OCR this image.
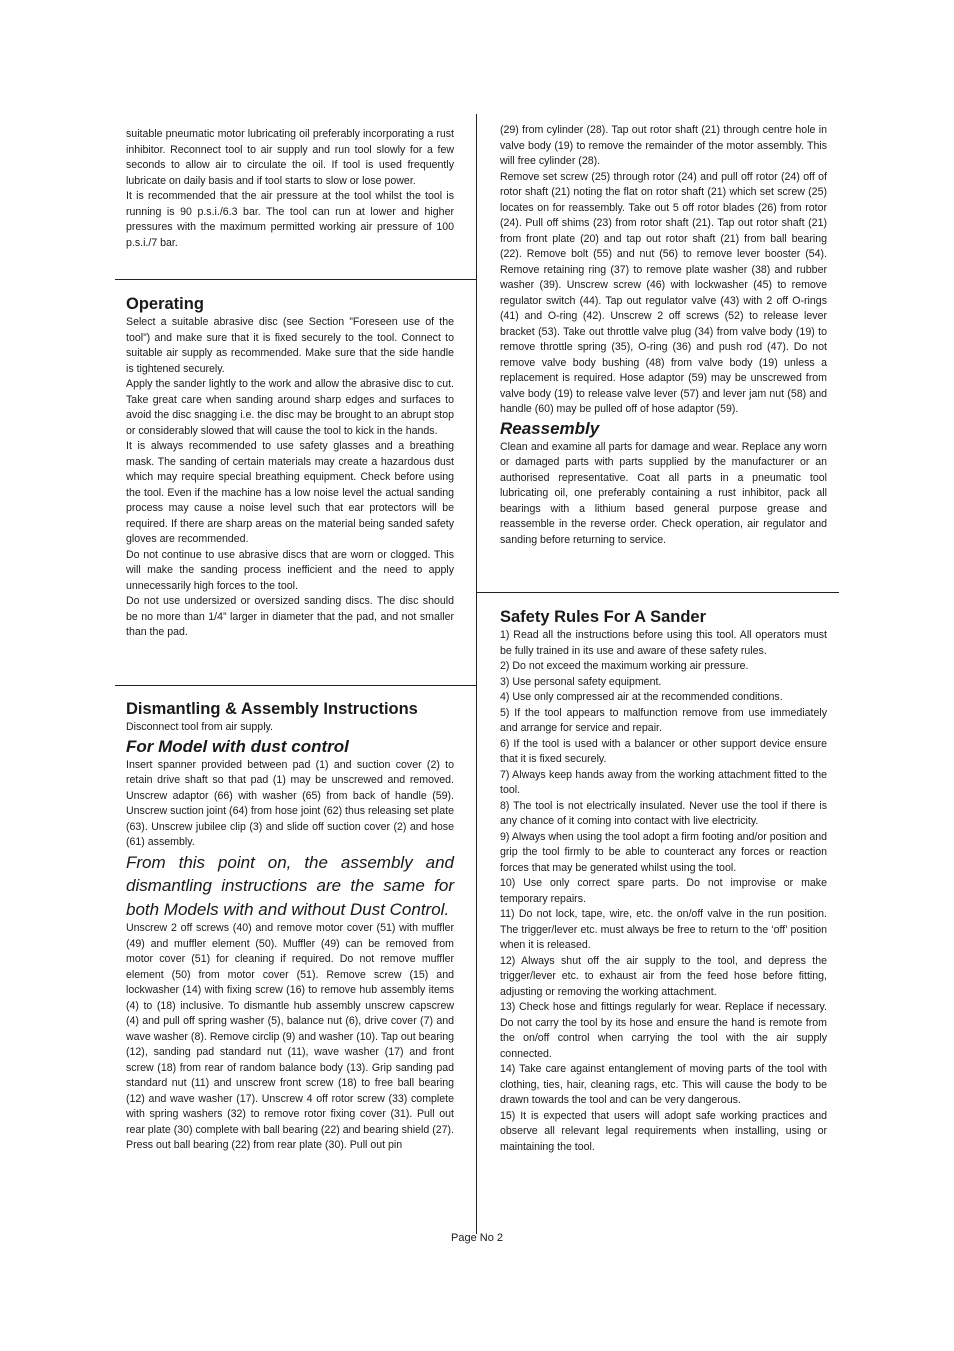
suitable pneumatic motor lubricating oil preferably incorporating a rust inhibitor. Reconnect tool to air supply and run tool slowly for a few seconds to allow air to circulate the oil. If tool is used frequently lubricate on daily basis and if tool starts to slow or lose power.

It is recommended that the air pressure at the tool whilst the tool is running is 90 p.s.i./6.3 bar. The tool can run at lower and higher pressures with the maximum permitted working air pressure of 100 p.s.i./7 bar.

Operating

Select a suitable abrasive disc (see Section ”Foreseen use of the tool”) and make sure that it is fixed securely to the tool. Connect to suitable air supply as recommended. Make sure that the side handle is tightened securely.

Apply the sander lightly to the work and allow the abrasive disc to cut. Take great care when sanding around sharp edges and surfaces to avoid the disc snagging i.e. the disc may be brought to an abrupt stop or considerably slowed that will cause the tool to kick in the hands.

It is always recommended to use safety glasses and a breathing mask. The sanding of certain materials may create a hazardous dust which may require special breathing equipment. Check before using the tool. Even if the machine has a low noise level the actual sanding process may cause a noise level such that ear protectors will be required. If there are sharp areas on the material being sanded safety gloves are recommended.

Do not continue to use abrasive discs that are worn or clogged. This will make the sanding process inefficient and the need to apply unnecessarily high forces to the tool.

Do not use undersized or oversized sanding discs. The disc should be no more than 1/4” larger in diameter that the pad, and not smaller than the pad.

Dismantling & Assembly Instructions

Disconnect tool from air supply.

For Model with dust control

Insert spanner provided between pad (1) and suction cover (2) to retain drive shaft so that pad (1) may be unscrewed and removed. Unscrew adaptor (66) with washer (65) from back of handle (59). Unscrew suction joint (64) from hose joint (62) thus releasing set plate (63). Unscrew jubilee clip (3) and slide off suction cover (2) and hose (61) assembly.

From this point on, the assembly and dismantling instructions are the same for both Models with and without Dust Control.

Unscrew 2 off screws (40) and remove motor cover (51) with muffler (49) and muffler element (50). Muffler (49) can be removed from motor cover (51) for cleaning if required. Do not remove muffler element (50) from motor cover (51). Remove screw (15) and lockwasher (14) with fixing screw (16) to remove hub assembly items (4) to (18) inclusive. To dismantle hub assembly unscrew capscrew (4) and pull off spring washer (5), balance nut (6), drive cover (7) and wave washer (8). Remove circlip (9) and washer (10). Tap out bearing (12), sanding pad standard nut (11), wave washer (17) and front screw (18) from rear of random balance body (13). Grip sanding pad standard nut (11) and unscrew front screw (18) to free ball bearing (12) and wave washer (17). Unscrew 4 off rotor screw (33) complete with spring washers (32) to remove rotor fixing cover (31). Pull out rear plate (30) complete with ball bearing (22) and bearing shield (27). Press out ball bearing (22) from rear plate (30). Pull out pin

(29) from cylinder (28). Tap out rotor shaft (21) through centre hole in valve body (19) to remove the remainder of the motor assembly. This will free cylinder (28).

Remove set screw (25) through rotor (24) and pull off rotor (24) off of rotor shaft (21) noting the flat on rotor shaft (21) which set screw (25) locates on for reassembly. Take out 5 off rotor blades (26) from rotor (24). Pull off shims (23) from rotor shaft (21). Tap out rotor shaft (21) from front plate (20) and tap out rotor shaft (21) from ball bearing (22). Remove bolt (55) and nut (56) to remove lever booster (54). Remove retaining ring (37) to remove plate washer (38) and rubber washer (39). Unscrew screw (46) with lockwasher (45) to remove regulator switch (44). Tap out regulator valve (43) with 2 off O-rings (41) and O-ring (42). Unscrew 2 off screws (52) to release lever bracket (53). Take out throttle valve plug (34) from valve body (19) to remove throttle spring (35), O-ring (36) and push rod (47). Do not remove valve body bushing (48) from valve body (19) unless a replacement is required. Hose adaptor (59) may be unscrewed from valve body (19) to release valve lever (57) and lever jam nut (58) and handle (60) may be pulled off of hose adaptor (59).

Reassembly

Clean and examine all parts for damage and wear. Replace any worn or damaged parts with parts supplied by the manufacturer or an authorised representative. Coat all parts in a pneumatic tool lubricating oil, one preferably containing a rust inhibitor, pack all bearings with a lithium based general purpose grease and reassemble in the reverse order. Check operation, air regulator and sanding before returning to service.

Safety Rules For A Sander

1) Read all the instructions before using this tool. All operators must be fully trained in its use and aware of these safety rules.

2) Do not exceed the maximum working air pressure.

3) Use personal safety equipment.

4) Use only compressed air at the recommended conditions.

5) If the tool appears to malfunction remove from use immediately and arrange for service and repair.

6) If the tool is used with a balancer or other support device ensure that it is fixed securely.

7) Always keep hands away from the working attachment fitted to the tool.

8) The tool is not electrically insulated. Never use the tool if there is any chance of it coming into contact with live electricity.

9) Always when using the tool adopt a firm footing and/or position and grip the tool firmly to be able to counteract any forces or reaction forces that may be generated whilst using the tool.

10) Use only correct spare parts. Do not improvise or make temporary repairs.

11) Do not lock, tape, wire, etc. the on/off valve in the run position. The trigger/lever etc. must always be free to return to the ‘off’ position when it is released.

12) Always shut off the air supply to the tool, and depress the trigger/lever etc. to exhaust air from the feed hose before fitting, adjusting or removing the working attachment.

13) Check hose and fittings regularly for wear. Replace if necessary. Do not carry the tool by its hose and ensure the hand is remote from the on/off control when carrying the tool with the air supply connected.

14) Take care against entanglement of moving parts of the tool with clothing, ties, hair, cleaning rags, etc. This will cause the body to be drawn towards the tool and can be very dangerous.

15) It is expected that users will adopt safe working practices and observe all relevant legal requirements when installing, using or maintaining the tool.

Page No 2
